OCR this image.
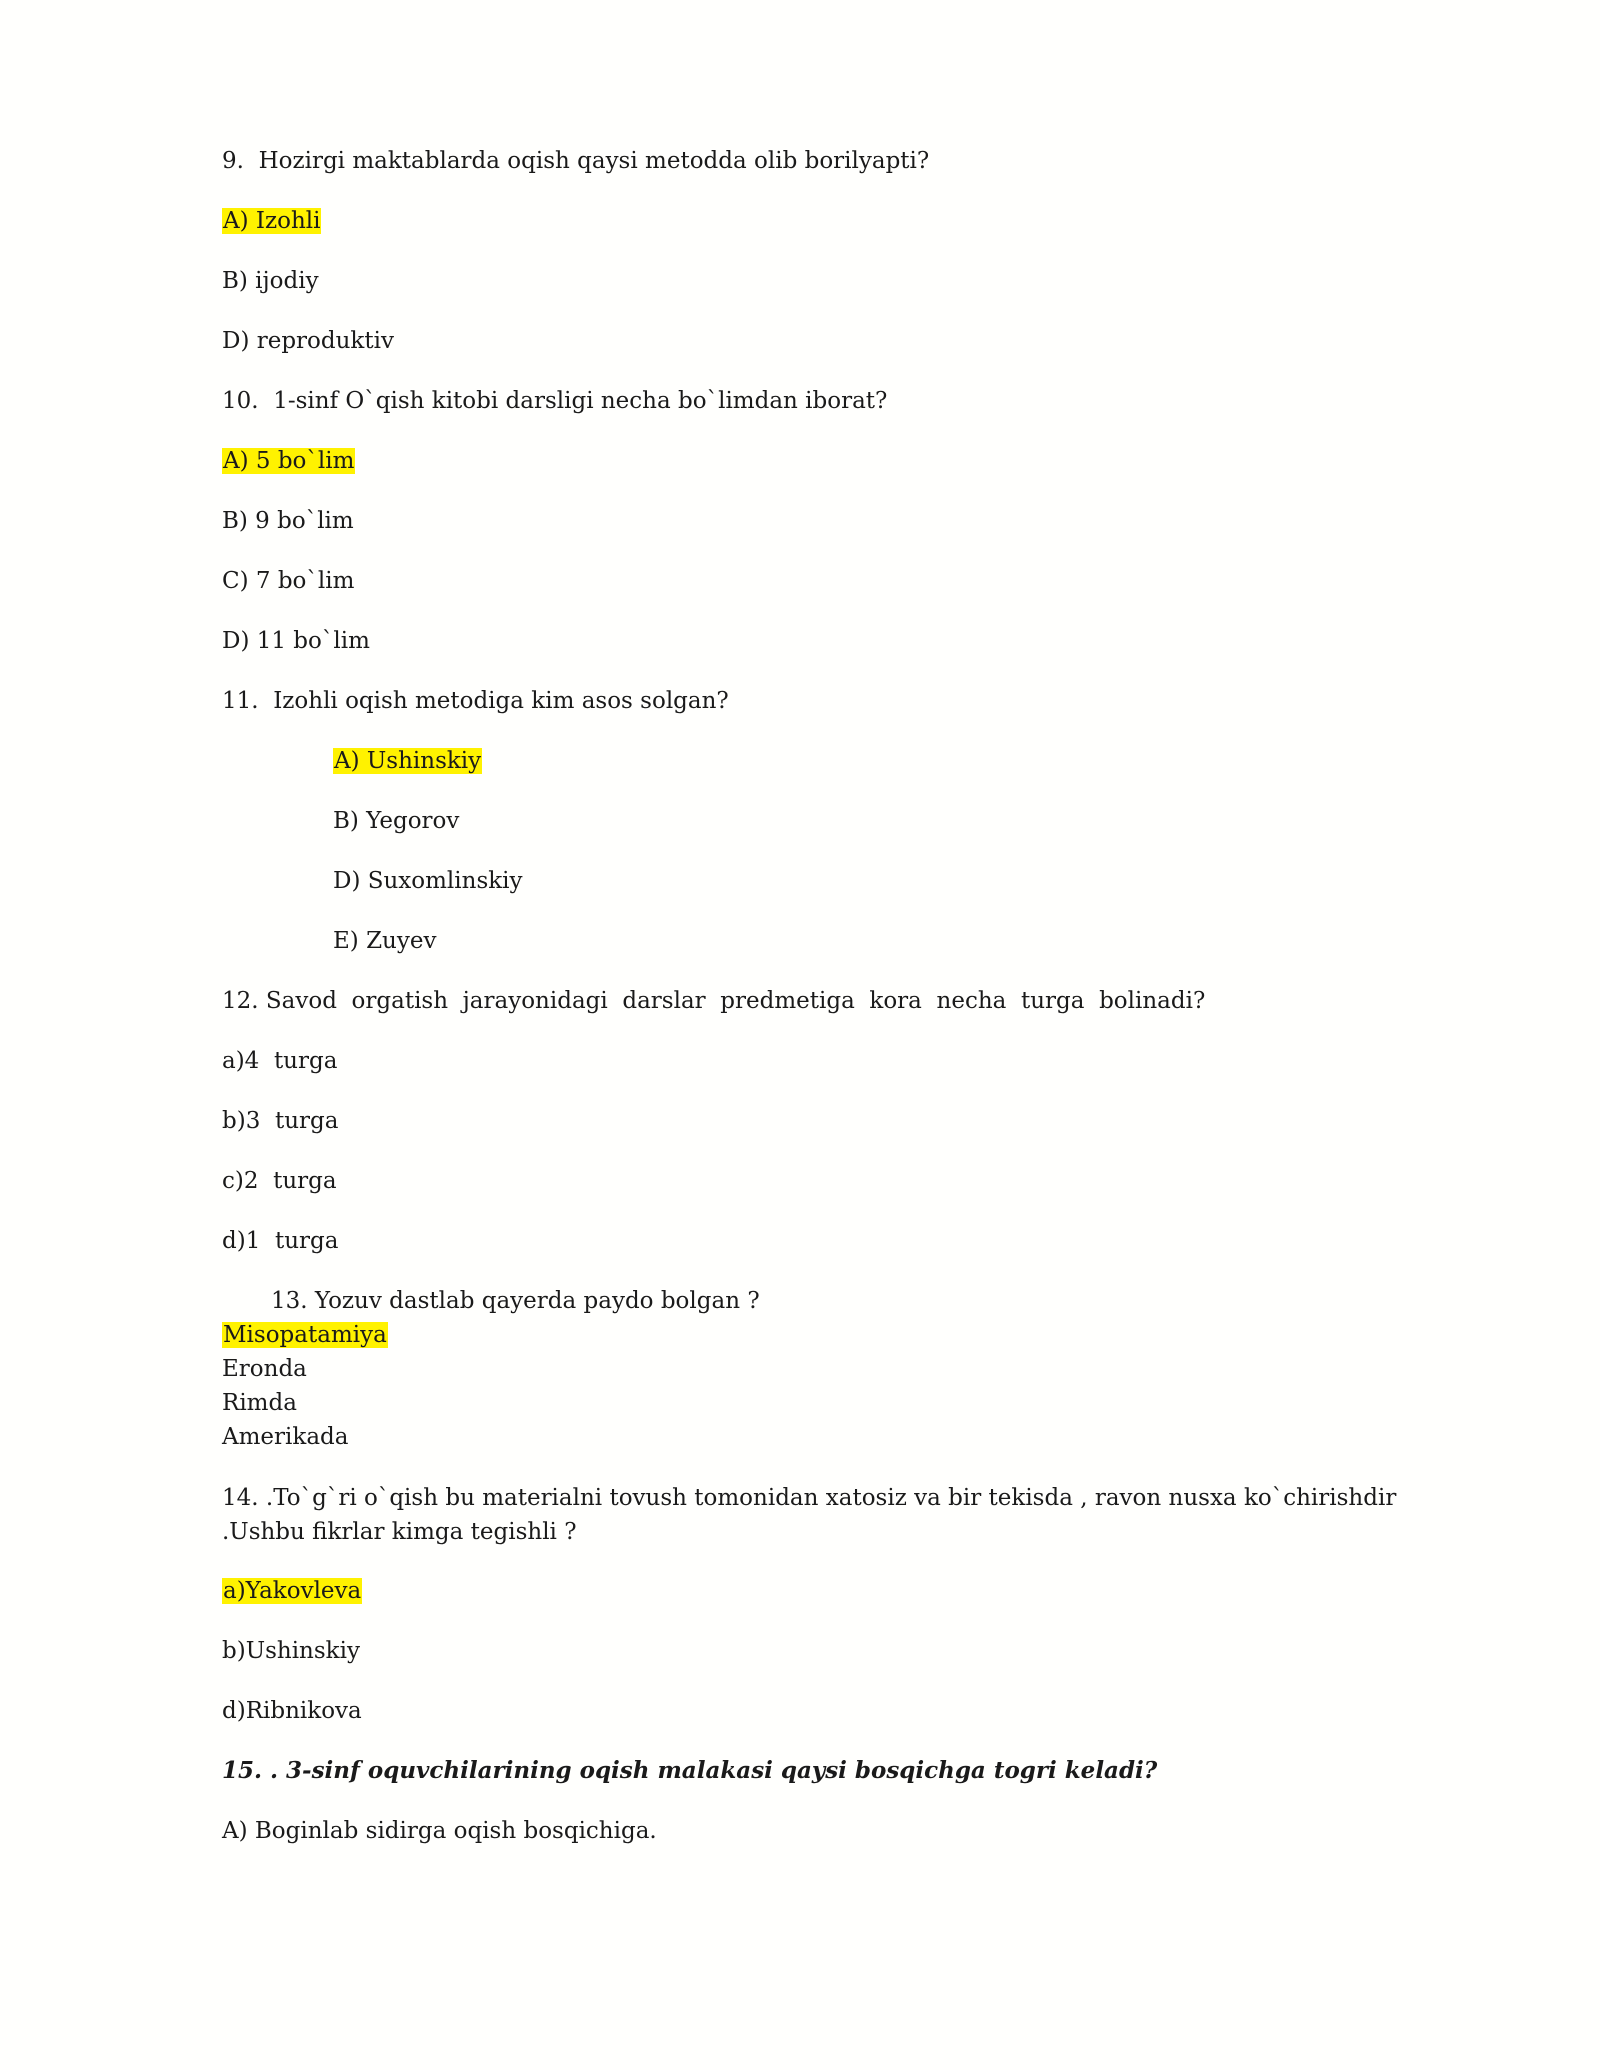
9.  Hozirgi maktablarda oqish qaysi metodda olib borilyapti?
A) Izohli
B) ijodiy
D) reproduktiv
10.  1-sinf O`qish kitobi darsligi necha bo`limdan iborat?
A) 5 bo`lim
B) 9 bo`lim
C) 7 bo`lim
D) 11 bo`lim
11.  Izohli oqish metodiga kim asos solgan?
A) Ushinskiy
B) Yegorov
D) Suxomlinskiy
E) Zuyev
12. Savod  orgatish  jarayonidagi  darslar  predmetiga  kora  necha  turga  bolinadi?
a)4  turga
b)3  turga
c)2  turga
d)1  turga
13. Yozuv dastlab qayerda paydo bolgan ?
Misopatamiya
Eronda
Rimda
Amerikada
14. .To`g`ri o`qish bu materialni tovush tomonidan xatosiz va bir tekisda , ravon nusxa ko`chirishdir .Ushbu fikrlar kimga tegishli ?
a)Yakovleva
b)Ushinskiy
d)Ribnikova
15. . 3-sinf oquvchilarining oqish malakasi qaysi bosqichga togri keladi?
A) Boginlab sidirga oqish bosqichiga.
